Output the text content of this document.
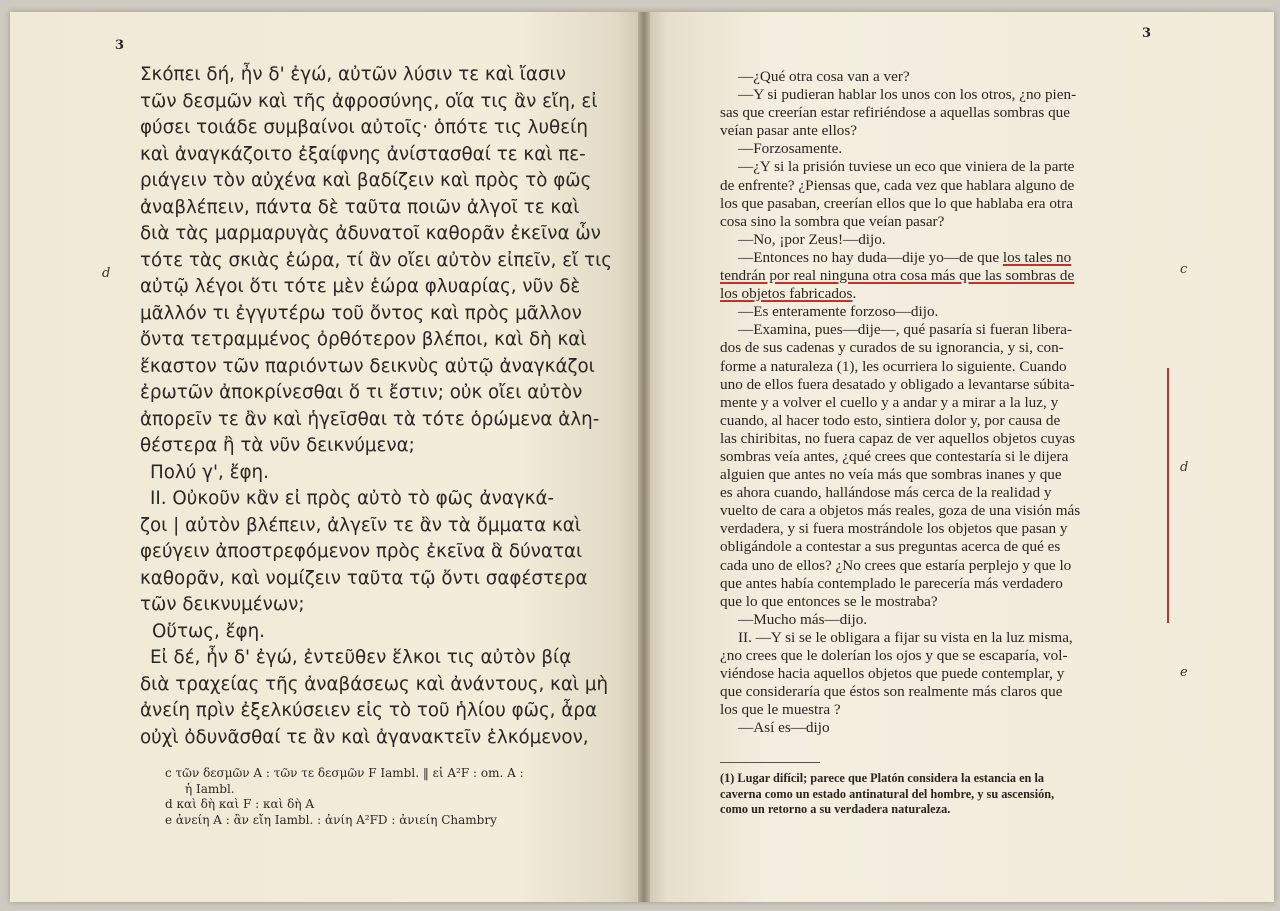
3
3
Σκόπει δή, ἦν δ' ἐγώ, αὐτῶν λύσιν τε καὶ ἴασιν
τῶν δεσμῶν καὶ τῆς ἀφροσύνης, οἵα τις ἂν εἴη, εἰ
φύσει τοιάδε συμβαίνοι αὐτοῖς· ὁπότε τις λυθείη
καὶ ἀναγκάζοιτο ἐξαίφνης ἀνίστασθαί τε καὶ πε-
ριάγειν τὸν αὐχένα καὶ βαδίζειν καὶ πρὸς τὸ φῶς
ἀναβλέπειν, πάντα δὲ ταῦτα ποιῶν ἀλγοῖ τε καὶ
διὰ τὰς μαρμαρυγὰς ἀδυνατοῖ καθορᾶν ἐκεῖνα ὧν
τότε τὰς σκιὰς ἑώρα, τί ἂν οἴει αὐτὸν εἰπεῖν, εἴ τις
αὐτῷ λέγοι ὅτι τότε μὲν ἑώρα φλυαρίας, νῦν δὲ
μᾶλλόν τι ἐγγυτέρω τοῦ ὄντος καὶ πρὸς μᾶλλον
ὄντα τετραμμένος ὀρθότερον βλέποι, καὶ δὴ καὶ
ἕκαστον τῶν παριόντων δεικνὺς αὐτῷ ἀναγκάζοι
ἐρωτῶν ἀποκρίνεσθαι ὅ τι ἔστιν; οὐκ οἴει αὐτὸν
ἀπορεῖν τε ἂν καὶ ἡγεῖσθαι τὰ τότε ὁρώμενα ἀλη-
θέστερα ἢ τὰ νῦν δεικνύμενα;
Πολύ γ', ἔφη.
II. Οὐκοῦν κἂν εἰ πρὸς αὐτὸ τὸ φῶς ἀναγκά-
ζοι | αὐτὸν βλέπειν, ἀλγεῖν τε ἂν τὰ ὄμματα καὶ
φεύγειν ἀποστρεφόμενον πρὸς ἐκεῖνα ἃ δύναται
καθορᾶν, καὶ νομίζειν ταῦτα τῷ ὄντι σαφέστερα
τῶν δεικνυμένων;
Οὕτως, ἔφη.
Εἰ δέ, ἦν δ' ἐγώ, ἐντεῦθεν ἕλκοι τις αὐτὸν βίᾳ
διὰ τραχείας τῆς ἀναβάσεως καὶ ἀνάντους, καὶ μὴ
ἀνείη πρὶν ἐξελκύσειεν εἰς τὸ τοῦ ἡλίου φῶς, ἆρα
οὐχὶ ὀδυνᾶσθαί τε ἂν καὶ ἀγανακτεῖν ἑλκόμενον,
d
c τῶν δεσμῶν A : τῶν τε δεσμῶν F Iambl. ‖ εἰ A²F : om. A :
ἡ Iambl.
d καὶ δὴ καὶ F : καὶ δὴ A
e ἀνείη A : ἂν εἴη Iambl. : ἀνίη A²FD : ἀνιείη Chambry
—¿Qué otra cosa van a ver?
—Y si pudieran hablar los unos con los otros, ¿no pien-
sas que creerían estar refiriéndose a aquellas sombras que
veían pasar ante ellos?
—Forzosamente.
—¿Y si la prisión tuviese un eco que viniera de la parte
de enfrente? ¿Piensas que, cada vez que hablara alguno de
los que pasaban, creerían ellos que lo que hablaba era otra
cosa sino la sombra que veían pasar?
—No, ¡por Zeus!—dijo.
—Entonces no hay duda—dije yo—de que los tales no
tendrán por real ninguna otra cosa más que las sombras de
los objetos fabricados.
—Es enteramente forzoso—dijo.
—Examina, pues—dije—, qué pasaría si fueran libera-
dos de sus cadenas y curados de su ignorancia, y si, con-
forme a naturaleza (1), les ocurriera lo siguiente. Cuando
uno de ellos fuera desatado y obligado a levantarse súbita-
mente y a volver el cuello y a andar y a mirar a la luz, y
cuando, al hacer todo esto, sintiera dolor y, por causa de
las chiribitas, no fuera capaz de ver aquellos objetos cuyas
sombras veía antes, ¿qué crees que contestaría si le dijera
alguien que antes no veía más que sombras inanes y que
es ahora cuando, hallándose más cerca de la realidad y
vuelto de cara a objetos más reales, goza de una visión más
verdadera, y si fuera mostrándole los objetos que pasan y
obligándole a contestar a sus preguntas acerca de qué es
cada uno de ellos? ¿No crees que estaría perplejo y que lo
que antes había contemplado le parecería más verdadero
que lo que entonces se le mostraba?
—Mucho más—dijo.
II. —Y si se le obligara a fijar su vista en la luz misma,
¿no crees que le dolerían los ojos y que se escaparía, vol-
viéndose hacia aquellos objetos que puede contemplar, y
que consideraría que éstos son realmente más claros que
los que le muestra ?
—Así es—dijo
c
d
e
(1) Lugar difícil; parece que Platón considera la estancia en la
caverna como un estado antinatural del hombre, y su ascensión,
como un retorno a su verdadera naturaleza.
